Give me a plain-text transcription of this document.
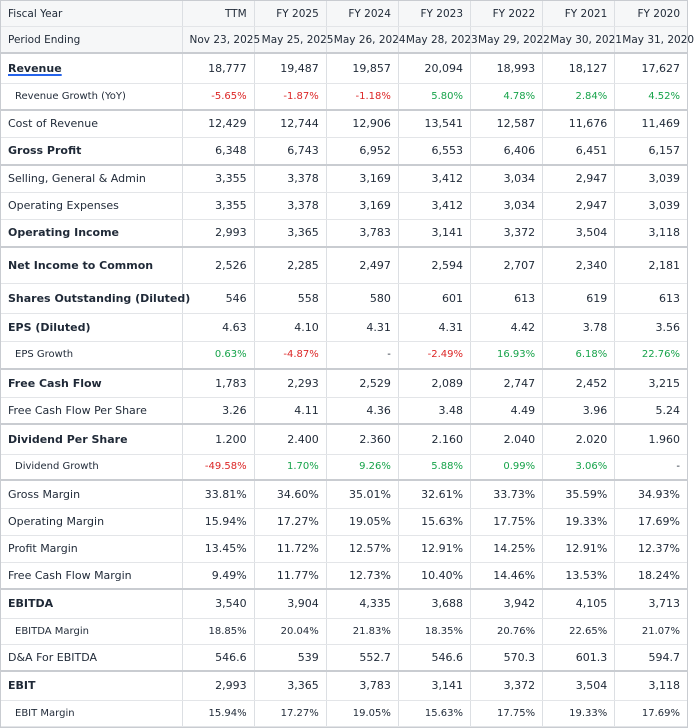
Fiscal Year	TTM	FY 2025	FY 2024	FY 2023	FY 2022	FY 2021	FY 2020
Period Ending	Nov 23, 2025	May 25, 2025	May 26, 2024	May 28, 2023	May 29, 2022	May 30, 2021	May 31, 2020
Revenue	18,777	19,487	19,857	20,094	18,993	18,127	17,627
Revenue Growth (YoY)	-5.65%	-1.87%	-1.18%	5.80%	4.78%	2.84%	4.52%
Cost of Revenue	12,429	12,744	12,906	13,541	12,587	11,676	11,469
Gross Profit	6,348	6,743	6,952	6,553	6,406	6,451	6,157
Selling, General & Admin	3,355	3,378	3,169	3,412	3,034	2,947	3,039
Operating Expenses	3,355	3,378	3,169	3,412	3,034	2,947	3,039
Operating Income	2,993	3,365	3,783	3,141	3,372	3,504	3,118
Net Income to Common	2,526	2,285	2,497	2,594	2,707	2,340	2,181
Shares Outstanding (Diluted)	546	558	580	601	613	619	613
EPS (Diluted)	4.63	4.10	4.31	4.31	4.42	3.78	3.56
EPS Growth	0.63%	-4.87%	-	-2.49%	16.93%	6.18%	22.76%
Free Cash Flow	1,783	2,293	2,529	2,089	2,747	2,452	3,215
Free Cash Flow Per Share	3.26	4.11	4.36	3.48	4.49	3.96	5.24
Dividend Per Share	1.200	2.400	2.360	2.160	2.040	2.020	1.960
Dividend Growth	-49.58%	1.70%	9.26%	5.88%	0.99%	3.06%	-
Gross Margin	33.81%	34.60%	35.01%	32.61%	33.73%	35.59%	34.93%
Operating Margin	15.94%	17.27%	19.05%	15.63%	17.75%	19.33%	17.69%
Profit Margin	13.45%	11.72%	12.57%	12.91%	14.25%	12.91%	12.37%
Free Cash Flow Margin	9.49%	11.77%	12.73%	10.40%	14.46%	13.53%	18.24%
EBITDA	3,540	3,904	4,335	3,688	3,942	4,105	3,713
EBITDA Margin	18.85%	20.04%	21.83%	18.35%	20.76%	22.65%	21.07%
D&A For EBITDA	546.6	539	552.7	546.6	570.3	601.3	594.7
EBIT	2,993	3,365	3,783	3,141	3,372	3,504	3,118
EBIT Margin	15.94%	17.27%	19.05%	15.63%	17.75%	19.33%	17.69%
